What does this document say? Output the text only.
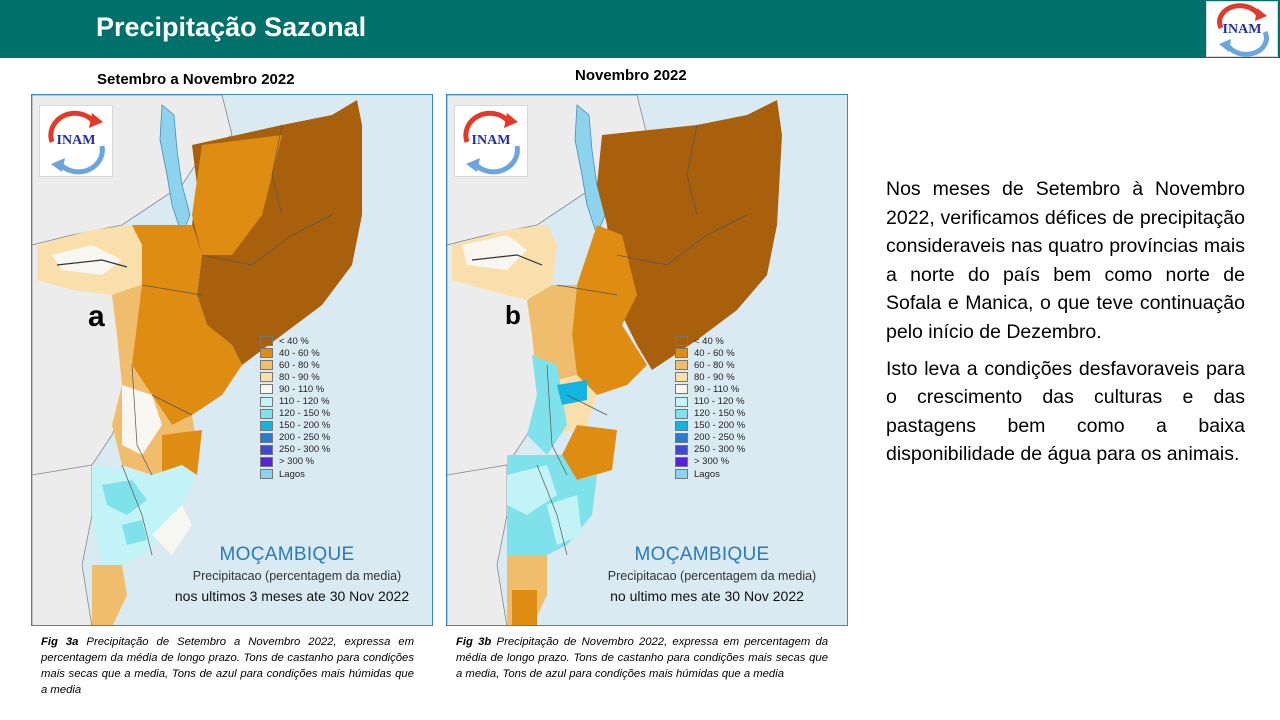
Precipitação Sazonal	INAM
Setembro a Novembro 2022
a
INAM
< 40 %
40 - 60 %
60 - 80 %
80 - 90 %
90 - 110 %
110 - 120 %
120 - 150 %
150 - 200 %
200 - 250 %
250 - 300 %
> 300 %
Lagos
MOÇAMBIQUE
Precipitacao (percentagem da media)
nos ultimos 3 meses ate 30 Nov 2022
Fig 3a Precipitação de Setembro a Novembro 2022, expressa em percentagem da média de longo prazo. Tons de castanho para condições mais secas que a media, Tons de azul para condições mais húmidas que a media
Novembro 2022
b
INAM
< 40 %
40 - 60 %
60 - 80 %
80 - 90 %
90 - 110 %
110 - 120 %
120 - 150 %
150 - 200 %
200 - 250 %
250 - 300 %
> 300 %
Lagos
MOÇAMBIQUE
Precipitacao (percentagem da media)
no ultimo mes ate 30 Nov 2022
Fig 3b Precipitação de Novembro 2022, expressa em percentagem da média de longo prazo. Tons de castanho para condições mais secas que a media, Tons de azul para condições mais húmidas que a media

Nos meses de Setembro à Novembro 2022, verificamos défices de precipitação consideraveis nas quatro províncias mais a norte do país bem como norte de Sofala e Manica, o que teve continuação pelo início de Dezembro.

Isto leva a condições desfavoraveis para o crescimento das culturas e das pastagens bem como a baixa disponibilidade de água para os animais.
